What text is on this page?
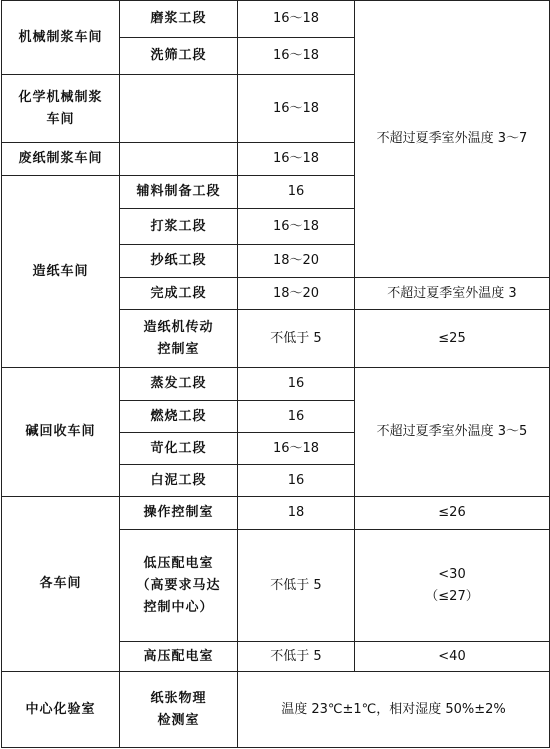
机械制浆车间	磨浆工段	16～18	不超过夏季室外温度 3～7
	洗筛工段	16～18	
化学机械制浆
车间		16～18	
废纸制浆车间		16～18	
造纸车间	辅料制备工段	16	
	打浆工段	16～18	
	抄纸工段	18～20	
	完成工段	18～20	不超过夏季室外温度 3
	造纸机传动
控制室	不低于 5	≤25
碱回收车间	蒸发工段	16	不超过夏季室外温度 3～5
	燃烧工段	16	
	苛化工段	16～18	
	白泥工段	16	
各车间	操作控制室	18	≤26
	低压配电室
（高要求马达
控制中心）	不低于 5	<30
（≤27）
	高压配电室	不低于 5	<40
中心化验室	纸张物理
检测室	温度 23℃±1℃，相对湿度 50%±2%	
